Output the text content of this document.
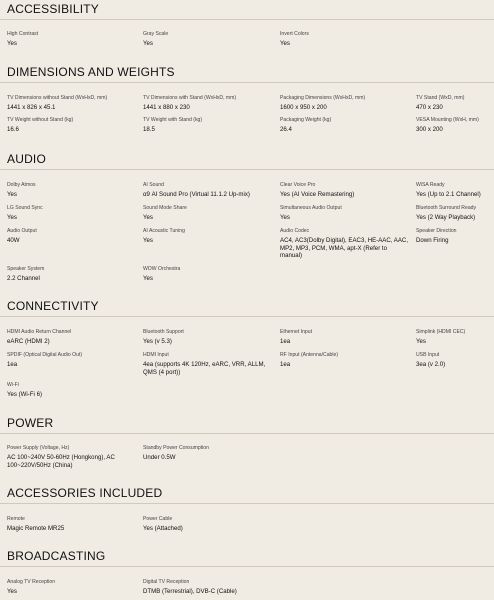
ACCESSIBILITY
High Contrast
Yes
Gray Scale
Yes
Invert Colors
Yes
DIMENSIONS AND WEIGHTS
TV Dimensions without Stand (WxHxD, mm)
1441 x 826 x 45.1
TV Dimensions with Stand (WxHxD, mm)
1441 x 880 x 230
Packaging Dimensions (WxHxD, mm)
1600 x 950 x 200
TV Stand (WxD, mm)
470 x 230
TV Weight without Stand (kg)
16.6
TV Weight with Stand (kg)
18.5
Packaging Weight (kg)
26.4
VESA Mounting (WxH, mm)
300 x 200
AUDIO
Dolby Atmos
Yes
AI Sound
α9 AI Sound Pro (Virtual 11.1.2 Up-mix)
Clear Voice Pro
Yes (AI Voice Remastering)
WiSA Ready
Yes (Up to 2.1 Channel)
LG Sound Sync
Yes
Sound Mode Share
Yes
Simultaneous Audio Output
Yes
Bluetooth Surround Ready
Yes (2 Way Playback)
Audio Output
40W
AI Acoustic Tuning
Yes
Audio Codec
AC4, AC3(Dolby Digital), EAC3, HE-AAC, AAC, MP2, MP3, PCM, WMA, apt-X (Refer to manual)
Speaker Direction
Down Firing
Speaker System
2.2 Channel
WOW Orchestra
Yes
CONNECTIVITY
HDMI Audio Return Channel
eARC (HDMI 2)
Bluetooth Support
Yes (v 5.3)
Ethernet Input
1ea
Simplink (HDMI CEC)
Yes
SPDIF (Optical Digital Audio Out)
1ea
HDMI Input
4ea (supports 4K 120Hz, eARC, VRR, ALLM, QMS (4 port))
RF Input (Antenna/Cable)
1ea
USB Input
3ea (v 2.0)
Wi-Fi
Yes (Wi-Fi 6)
POWER
Power Supply (Voltage, Hz)
AC 100~240V 50-60Hz (Hongkong), AC 100~220V/50Hz (China)
Standby Power Consumption
Under 0.5W
ACCESSORIES INCLUDED
Remote
Magic Remote MR25
Power Cable
Yes (Attached)
BROADCASTING
Analog TV Reception
Yes
Digital TV Reception
DTMB (Terrestrial), DVB-C (Cable)
